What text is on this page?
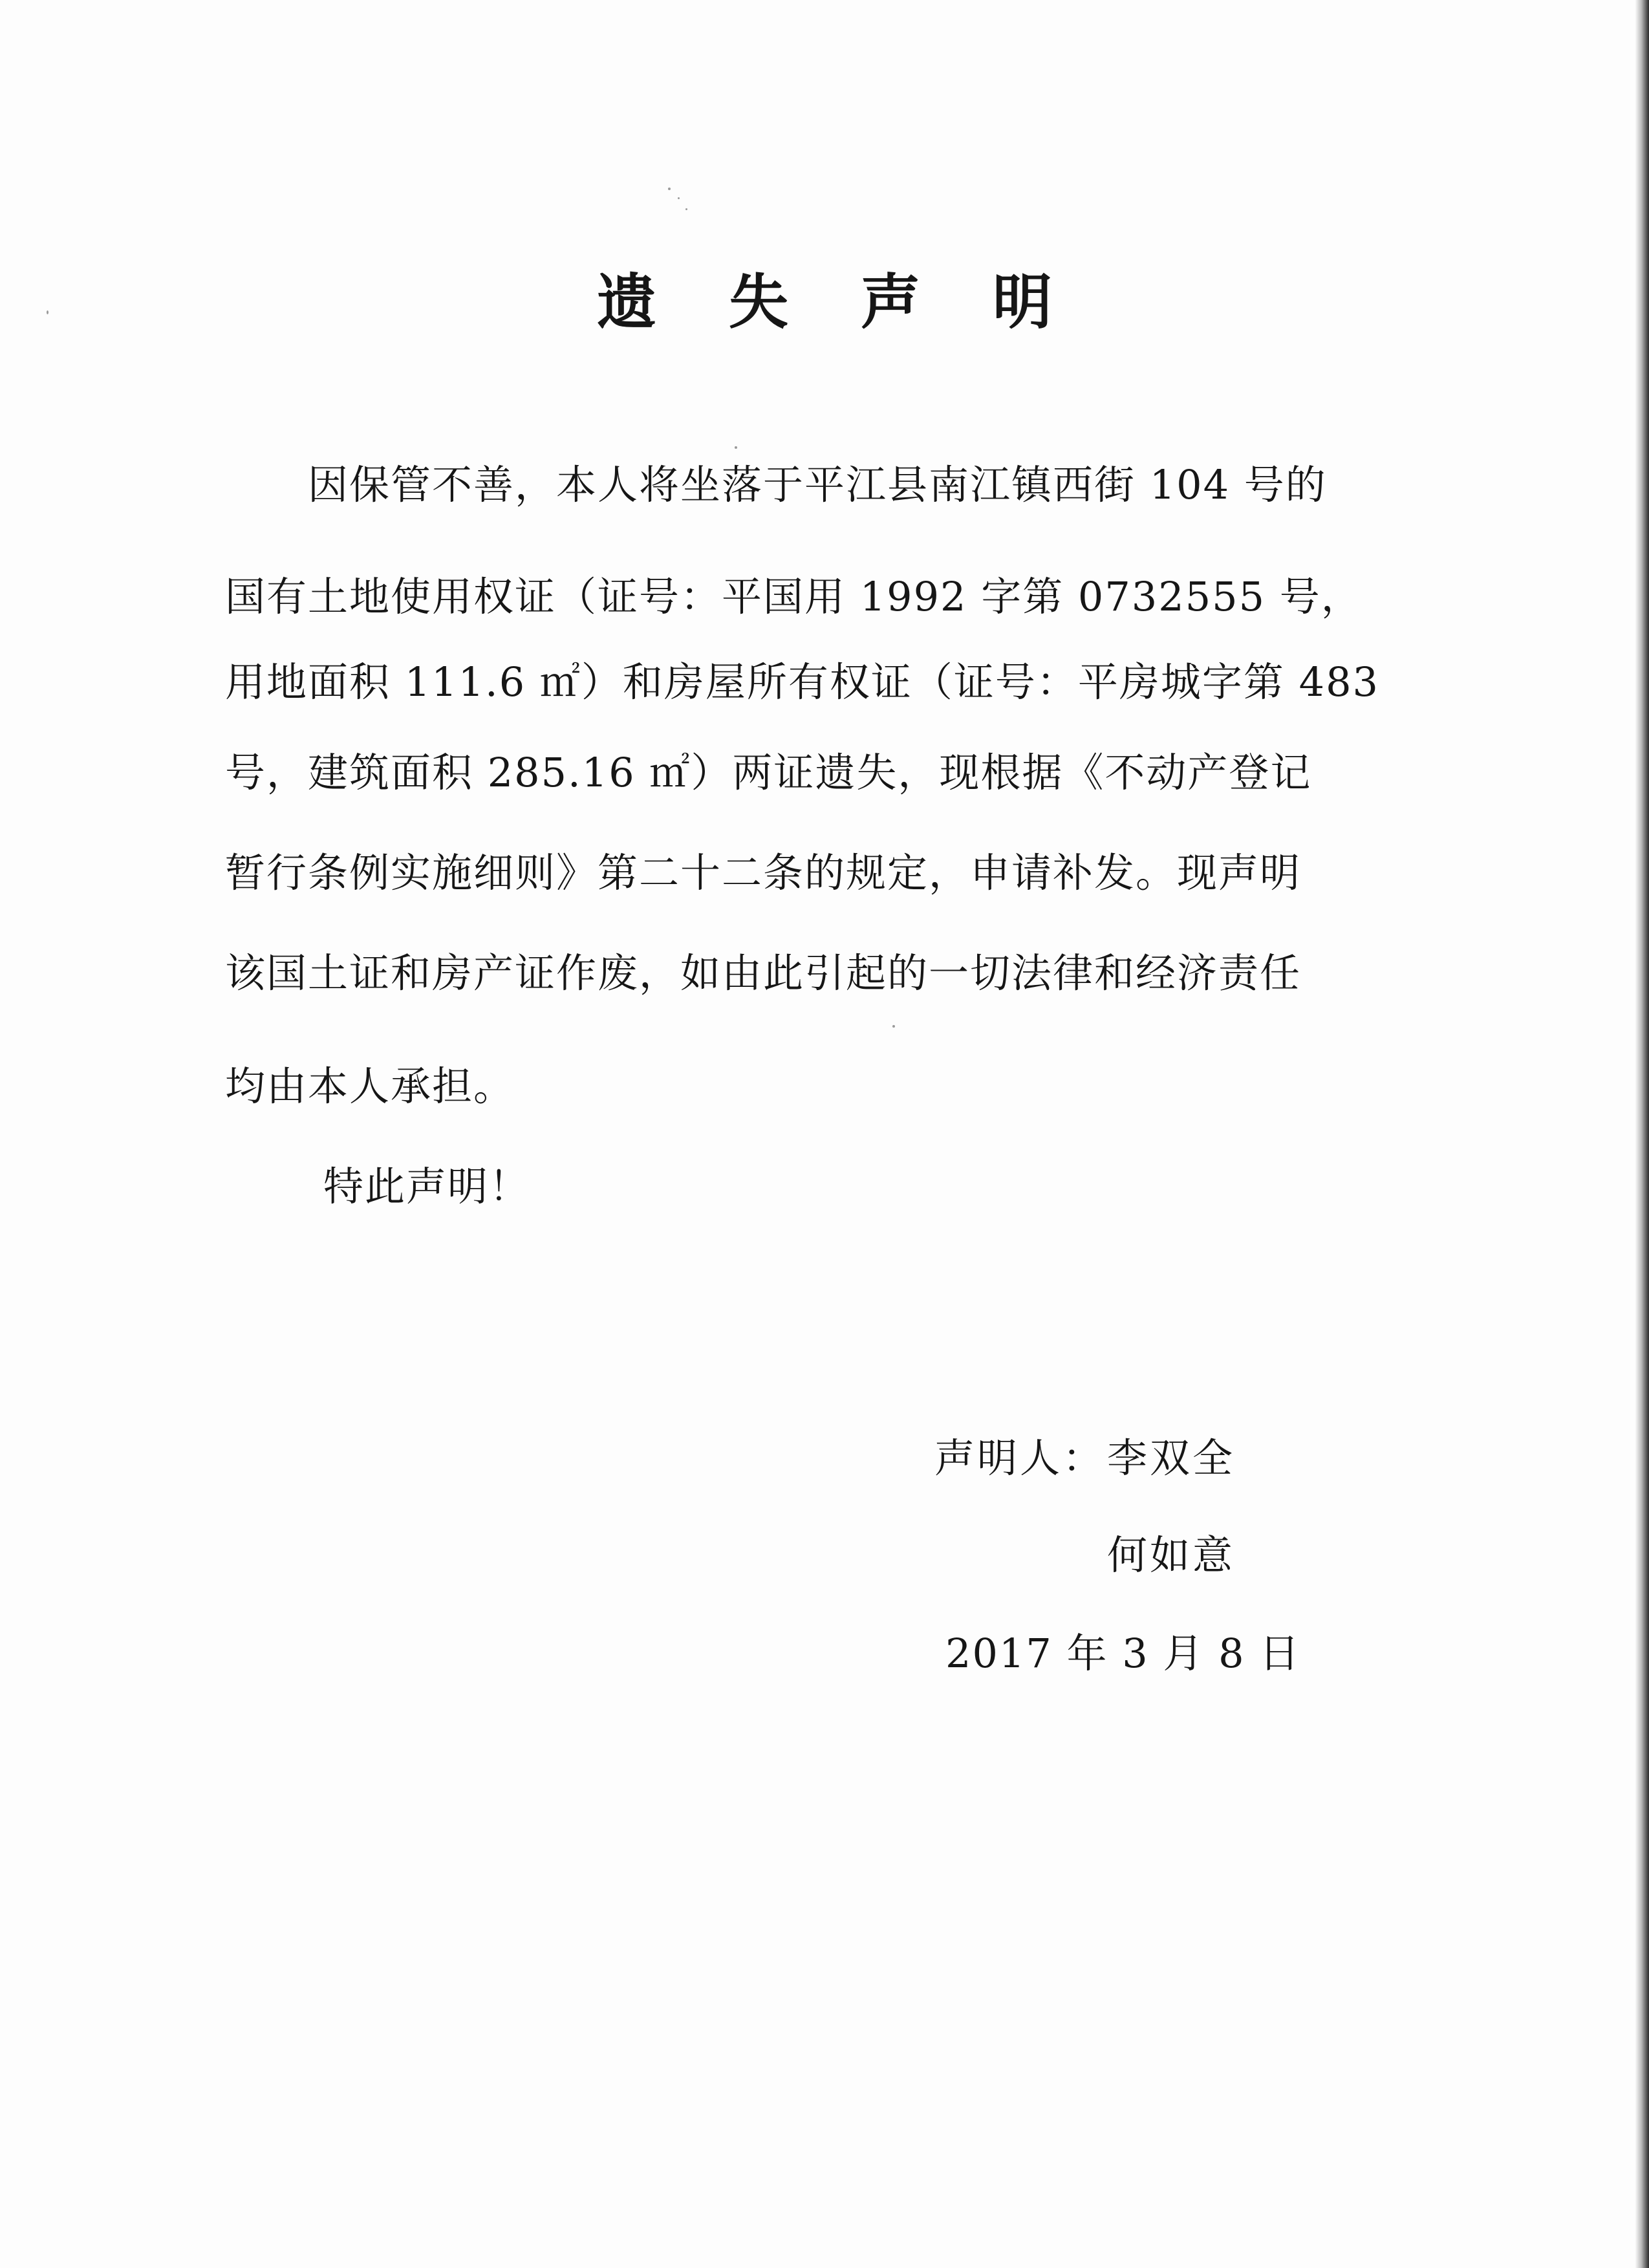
遗 失 声 明
因保管不善，本人将坐落于平江县南江镇西街 104 号的
国有土地使用权证（证号：平国用 1992 字第 0732555 号，
用地面积 111.6 ㎡）和房屋所有权证（证号：平房城字第 483
号，建筑面积 285.16 ㎡）两证遗失，现根据《不动产登记
暂行条例实施细则》第二十二条的规定，申请补发。现声明
该国土证和房产证作废，如由此引起的一切法律和经济责任
均由本人承担。
特此声明！
声明人： 李双全
何如意
2017 年 3 月 8 日
